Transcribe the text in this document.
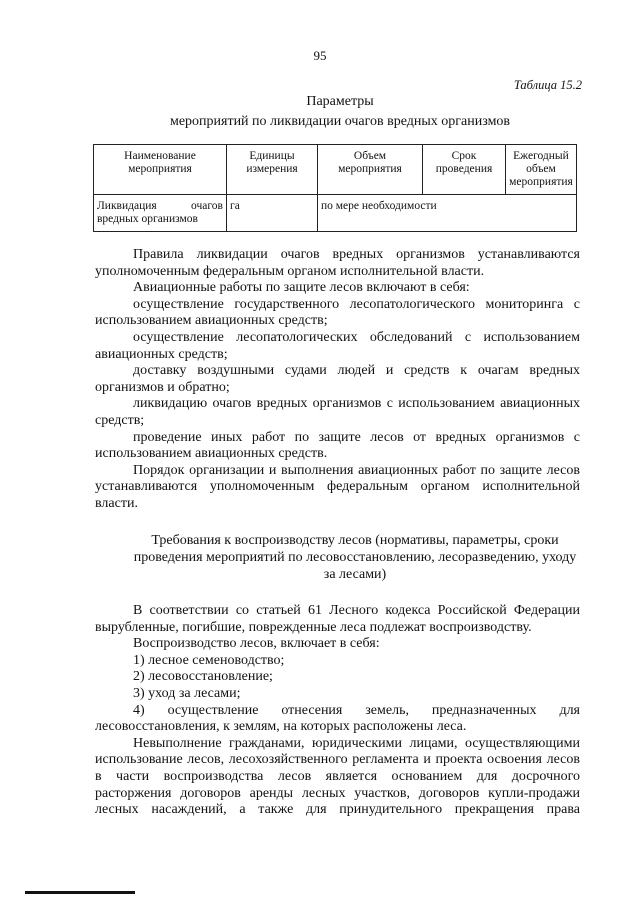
95
Таблица 15.2
Параметры
мероприятий по ликвидации очагов вредных организмов
Наименование мероприятия	Единицы измерения	Объем мероприятия	Срок проведения	Ежегодный объем мероприятия

Ликвидация очагов
вредных организмов	га	по мере необходимости		

Правила ликвидации очагов вредных организмов устанавливаются уполномоченным федеральным органом исполнительной власти.

Авиационные работы по защите лесов включают в себя:

осуществление государственного лесопатологического мониторинга с использованием авиационных средств;

осуществление лесопатологических обследований с использованием авиационных средств;

доставку воздушными судами людей и средств к очагам вредных организмов и обратно;

ликвидацию очагов вредных организмов с использованием авиационных средств;

проведение иных работ по защите лесов от вредных организмов с использованием авиационных средств.

Порядок организации и выполнения авиационных работ по защите лесов устанавливаются уполномоченным федеральным органом исполнительной власти.

Требования к воспроизводству лесов (нормативы, параметры, сроки проведения мероприятий по лесовосстановлению, лесоразведению, уходу за лесами)

В соответствии со статьей 61 Лесного кодекса Российской Федерации вырубленные, погибшие, поврежденные леса подлежат воспроизводству.

Воспроизводство лесов, включает в себя:

1) лесное семеноводство;

2) лесовосстановление;

3) уход за лесами;

4) осуществление отнесения земель, предназначенных для лесовосстановления, к землям, на которых расположены леса.

Невыполнение гражданами, юридическими лицами, осуществляющими использование лесов, лесохозяйственного регламента и проекта освоения лесов в части воспроизводства лесов является основанием для досрочного расторжения договоров аренды лесных участков, договоров купли-продажи лесных насаждений, а также для принудительного прекращения права
